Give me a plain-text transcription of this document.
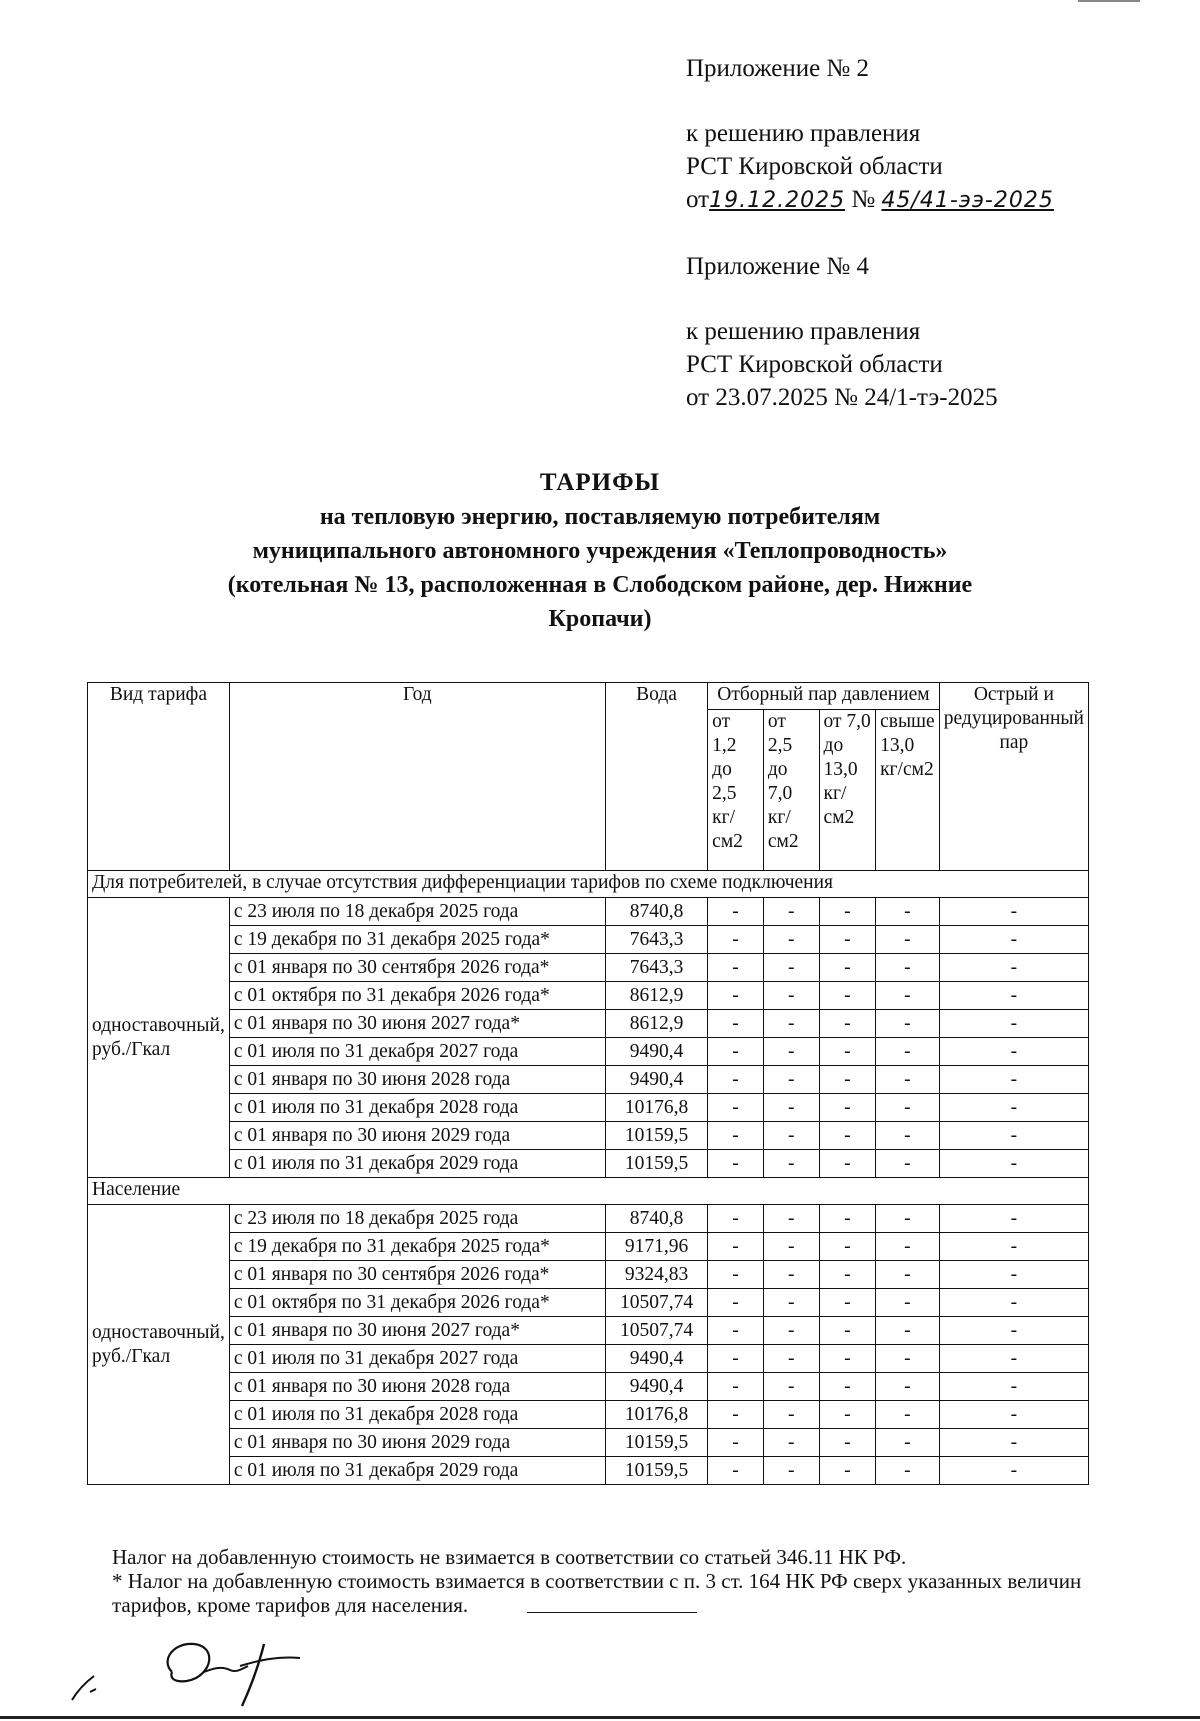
Приложение № 2

к решению правления

РСТ Кировской области

от19.12.2025 № 45/41-ээ-2025

Приложение № 4

к решению правления

РСТ Кировской области

от 23.07.2025 № 24/1-тэ-2025

ТАРИФЫ
на тепловую энергию, поставляемую потребителям
муниципального автономного учреждения «Теплопроводность»
(котельная № 13, расположенная в Слободском районе, дер. Нижние
Кропачи)
Вид тарифа	Год	Вода	Отборный пар давлением				Острый и редуцированный пар
			от 1,2 до 2,5 кг/см2	от 2,5 до 7,0 кг/см2	от 7,0 до 13,0 кг/см2	свыше 13,0 кг/см2	
Для потребителей, в случае отсутствия дифференциации тарифов по схеме подключения							
одноставочный, руб./Гкал	с 23 июля по 18 декабря 2025 года	8740,8	-	-	-	-	-
	с 19 декабря по 31 декабря 2025 года*	7643,3	-	-	-	-	-
	с 01 января по 30 сентября 2026 года*	7643,3	-	-	-	-	-
	с 01 октября по 31 декабря 2026 года*	8612,9	-	-	-	-	-
	с 01 января по 30 июня 2027 года*	8612,9	-	-	-	-	-
	с 01 июля по 31 декабря 2027 года	9490,4	-	-	-	-	-
	с 01 января по 30 июня 2028 года	9490,4	-	-	-	-	-
	с 01 июля по 31 декабря 2028 года	10176,8	-	-	-	-	-
	с 01 января по 30 июня 2029 года	10159,5	-	-	-	-	-
	с 01 июля по 31 декабря 2029 года	10159,5	-	-	-	-	-
Население							
одноставочный, руб./Гкал	с 23 июля по 18 декабря 2025 года	8740,8	-	-	-	-	-
	с 19 декабря по 31 декабря 2025 года*	9171,96	-	-	-	-	-
	с 01 января по 30 сентября 2026 года*	9324,83	-	-	-	-	-
	с 01 октября по 31 декабря 2026 года*	10507,74	-	-	-	-	-
	с 01 января по 30 июня 2027 года*	10507,74	-	-	-	-	-
	с 01 июля по 31 декабря 2027 года	9490,4	-	-	-	-	-
	с 01 января по 30 июня 2028 года	9490,4	-	-	-	-	-
	с 01 июля по 31 декабря 2028 года	10176,8	-	-	-	-	-
	с 01 января по 30 июня 2029 года	10159,5	-	-	-	-	-
	с 01 июля по 31 декабря 2029 года	10159,5	-	-	-	-	-

Налог на добавленную стоимость не взимается в соответствии со статьей 346.11 НК РФ.

* Налог на добавленную стоимость взимается в соответствии с п. 3 ст. 164 НК РФ сверх указанных величин тарифов, кроме тарифов для населения.
